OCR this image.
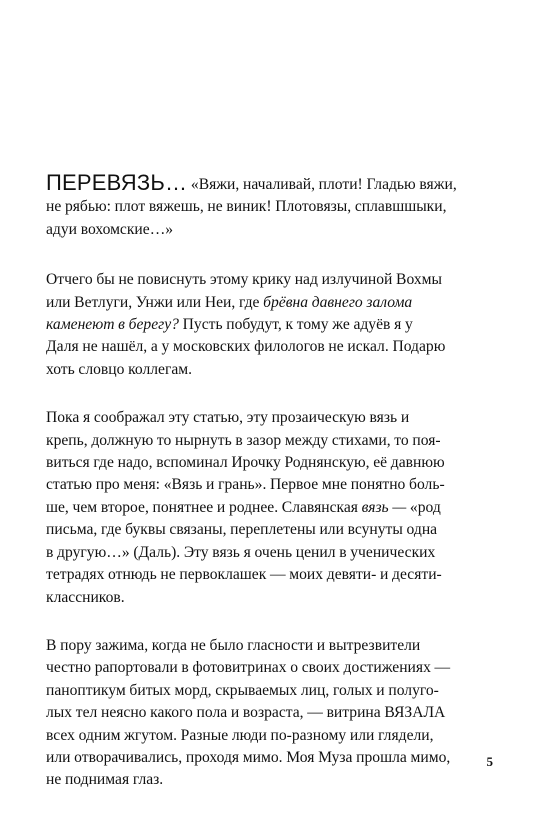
ПЕРЕВЯЗЬ… «Вяжи, началивай, плоти! Гладью вяжи,
не рябью: плот вяжешь, не виник! Плотовязы, сплавшшыки,
адуи вохомские…»

Отчего бы не повиснуть этому крику над излучиной Вохмы
или Ветлуги, Унжи или Неи, где брёвна давнего залома
каменеют в берегу? Пусть побудут, к тому же адуёв я у
Даля не нашёл, а у московских филологов не искал. Подарю
хоть словцо коллегам.

Пока я соображал эту статью, эту прозаическую вязь и
крепь, должную то нырнуть в зазор между стихами, то поя-
виться где надо, вспоминал Ирочку Роднянскую, её давнюю
статью про меня: «Вязь и грань». Первое мне понятно боль-
ше, чем второе, понятнее и роднее. Славянская вязь — «род
письма, где буквы связаны, переплетены или всунуты одна
в другую…» (Даль). Эту вязь я очень ценил в ученических
тетрадях отнюдь не первоклашек — моих девяти- и десяти-
классников.

В пору зажима, когда не было гласности и вытрезвители
честно рапортовали в фотовитринах о своих достижениях —
паноптикум битых морд, скрываемых лиц, голых и полуго-
лых тел неясно какого пола и возраста, — витрина ВЯЗАЛА
всех одним жгутом. Разные люди по-разному или глядели,
или отворачивались, проходя мимо. Моя Муза прошла мимо,
не поднимая глаз.

5
